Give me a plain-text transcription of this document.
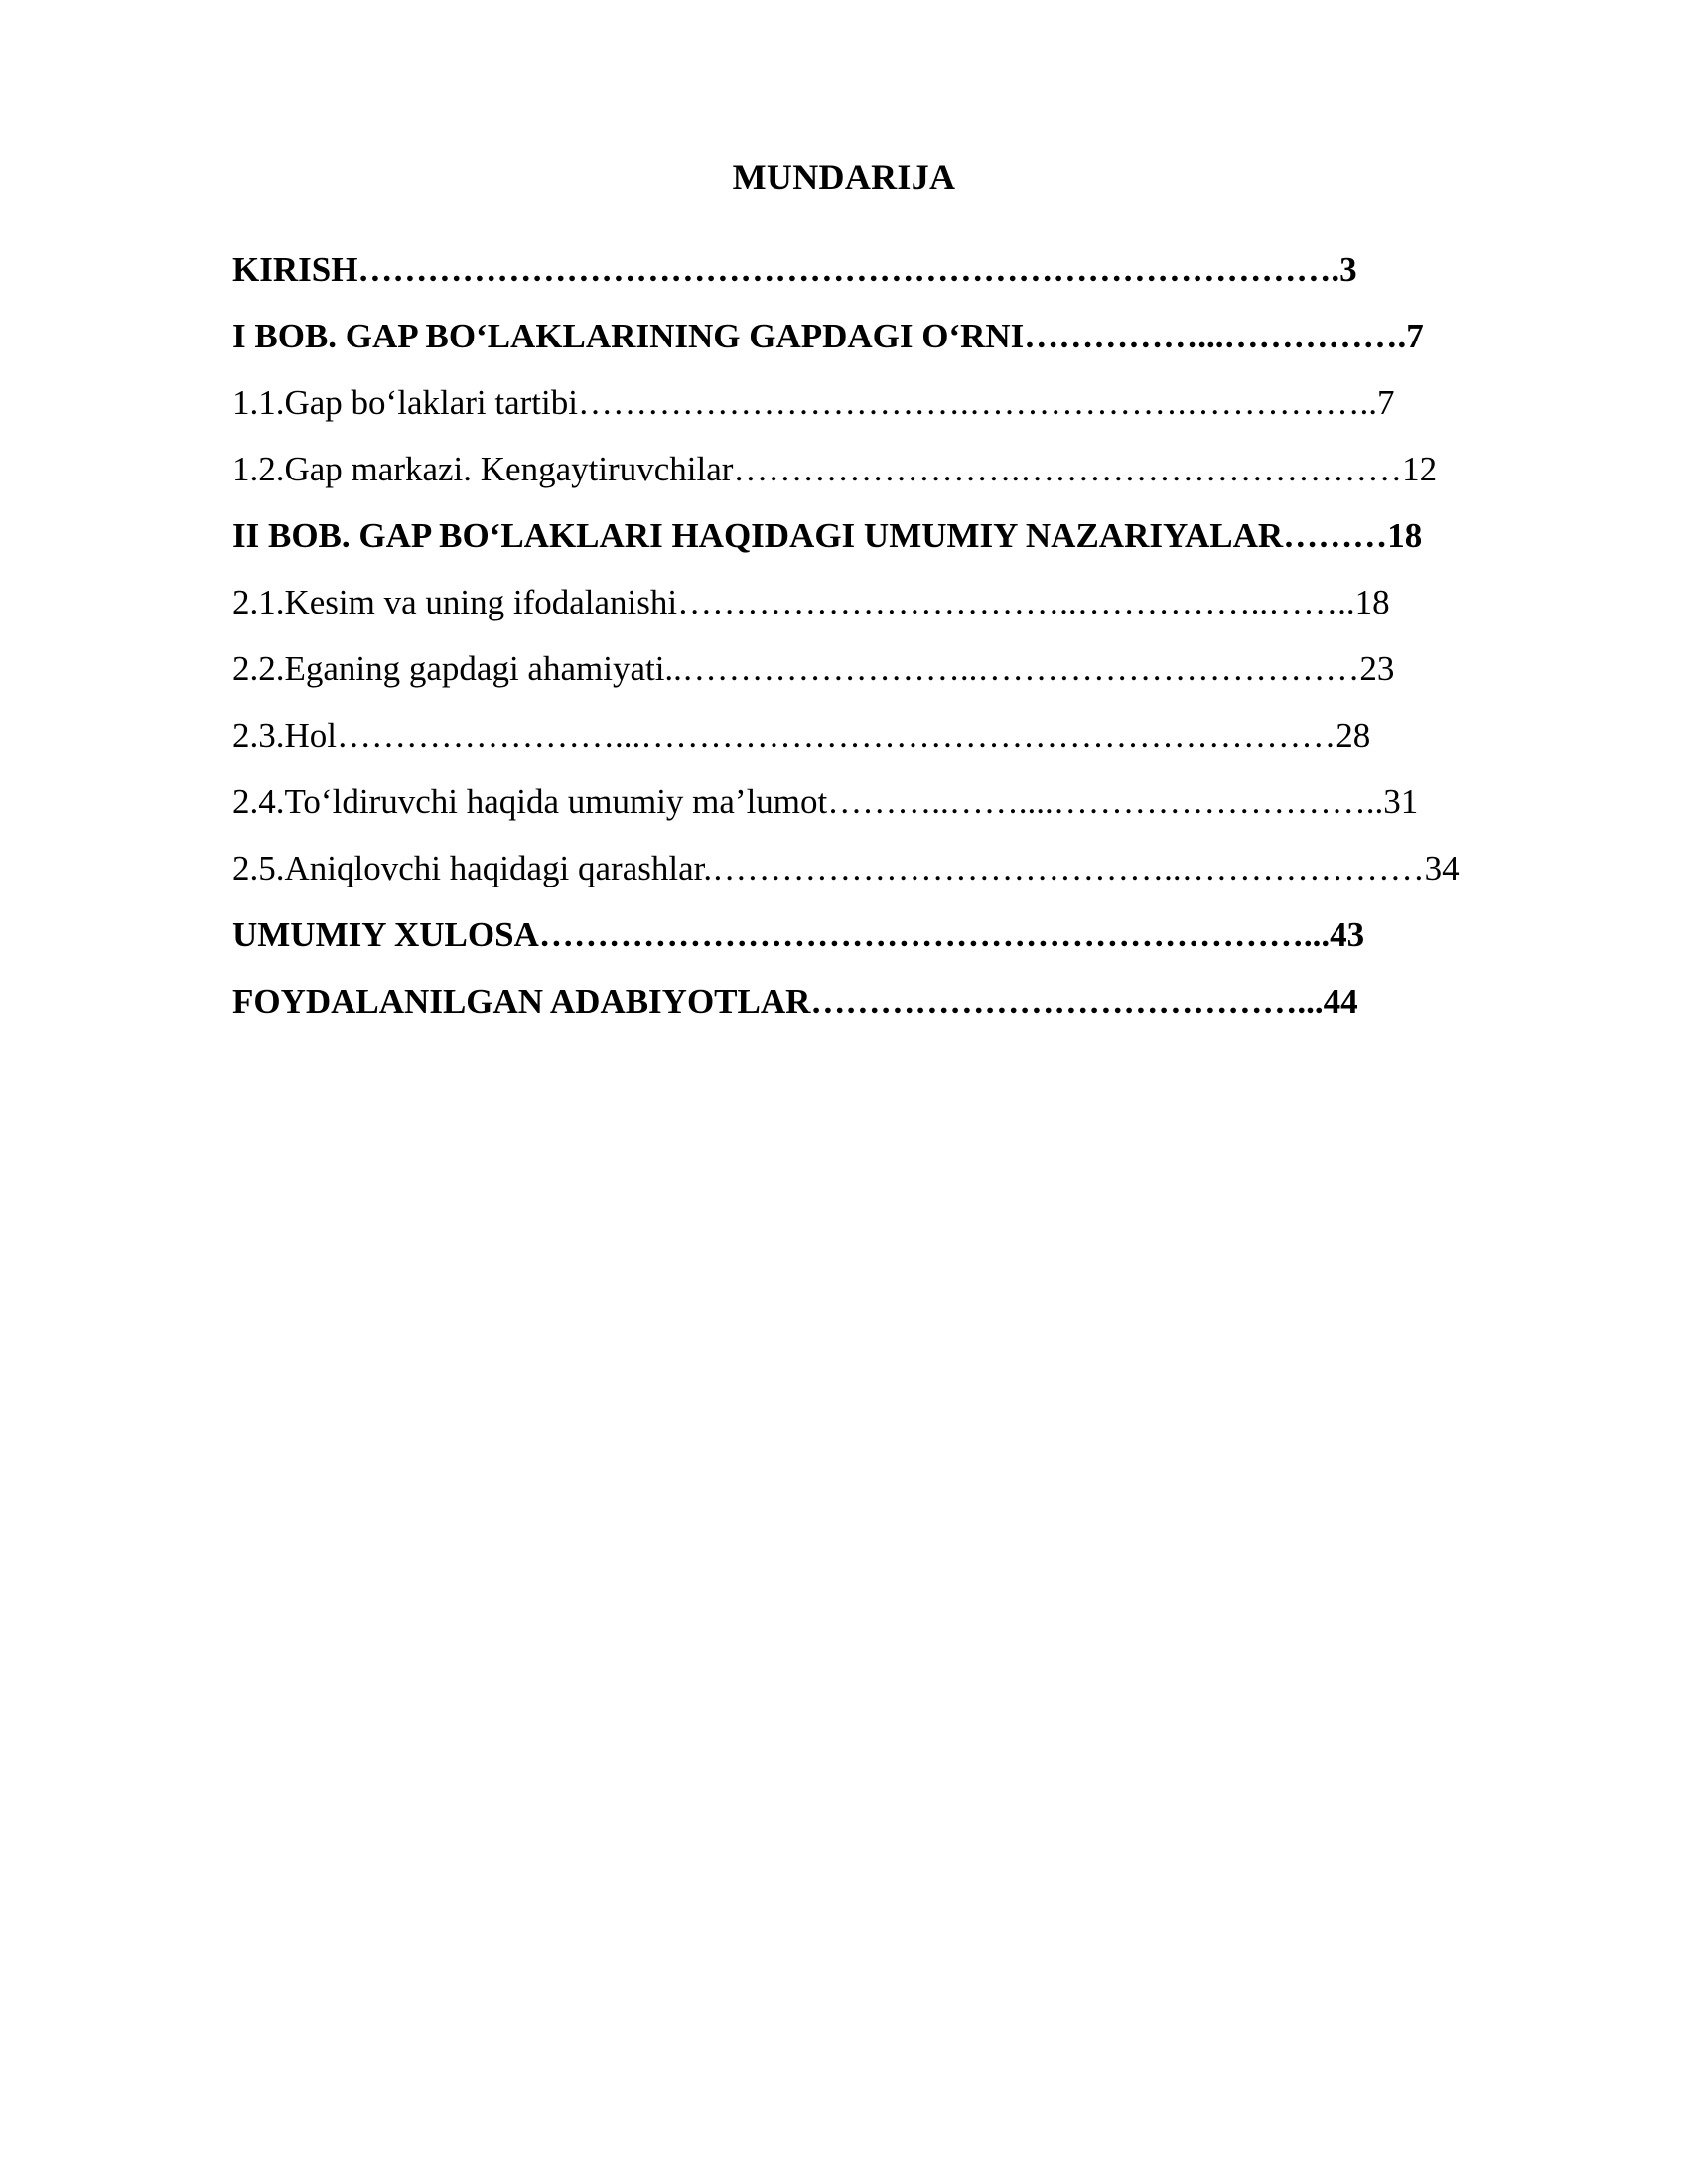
MUNDARIJA
KIRISH………………………………………………………………………….3
I BOB. GAP BO‘LAKLARINING GAPDAGI O‘RNI……………...…………….7
1.1.Gap bo‘laklari tartibi…………………………….……………….……………..7
1.2.Gap markazi. Kengaytiruvchilar…………………….……………………………12
II BOB. GAP BO‘LAKLARI HAQIDAGI UMUMIY NAZARIYALAR………18
2.1.Kesim va uning ifodalanishi……………………………..……………..……..18
2.2.Eganing gapdagi ahamiyati..……………………..……………………………23
2.3.Hol……………………...……………………………………………………28
2.4.To‘ldiruvchi haqida umumiy ma’lumot………..……....………………………..31
2.5.Aniqlovchi haqidagi qarashlar.…………………………………..…………………34
UMUMIY XULOSA…………………………………………………………...43
FOYDALANILGAN ADABIYOTLAR……………………………………...44
